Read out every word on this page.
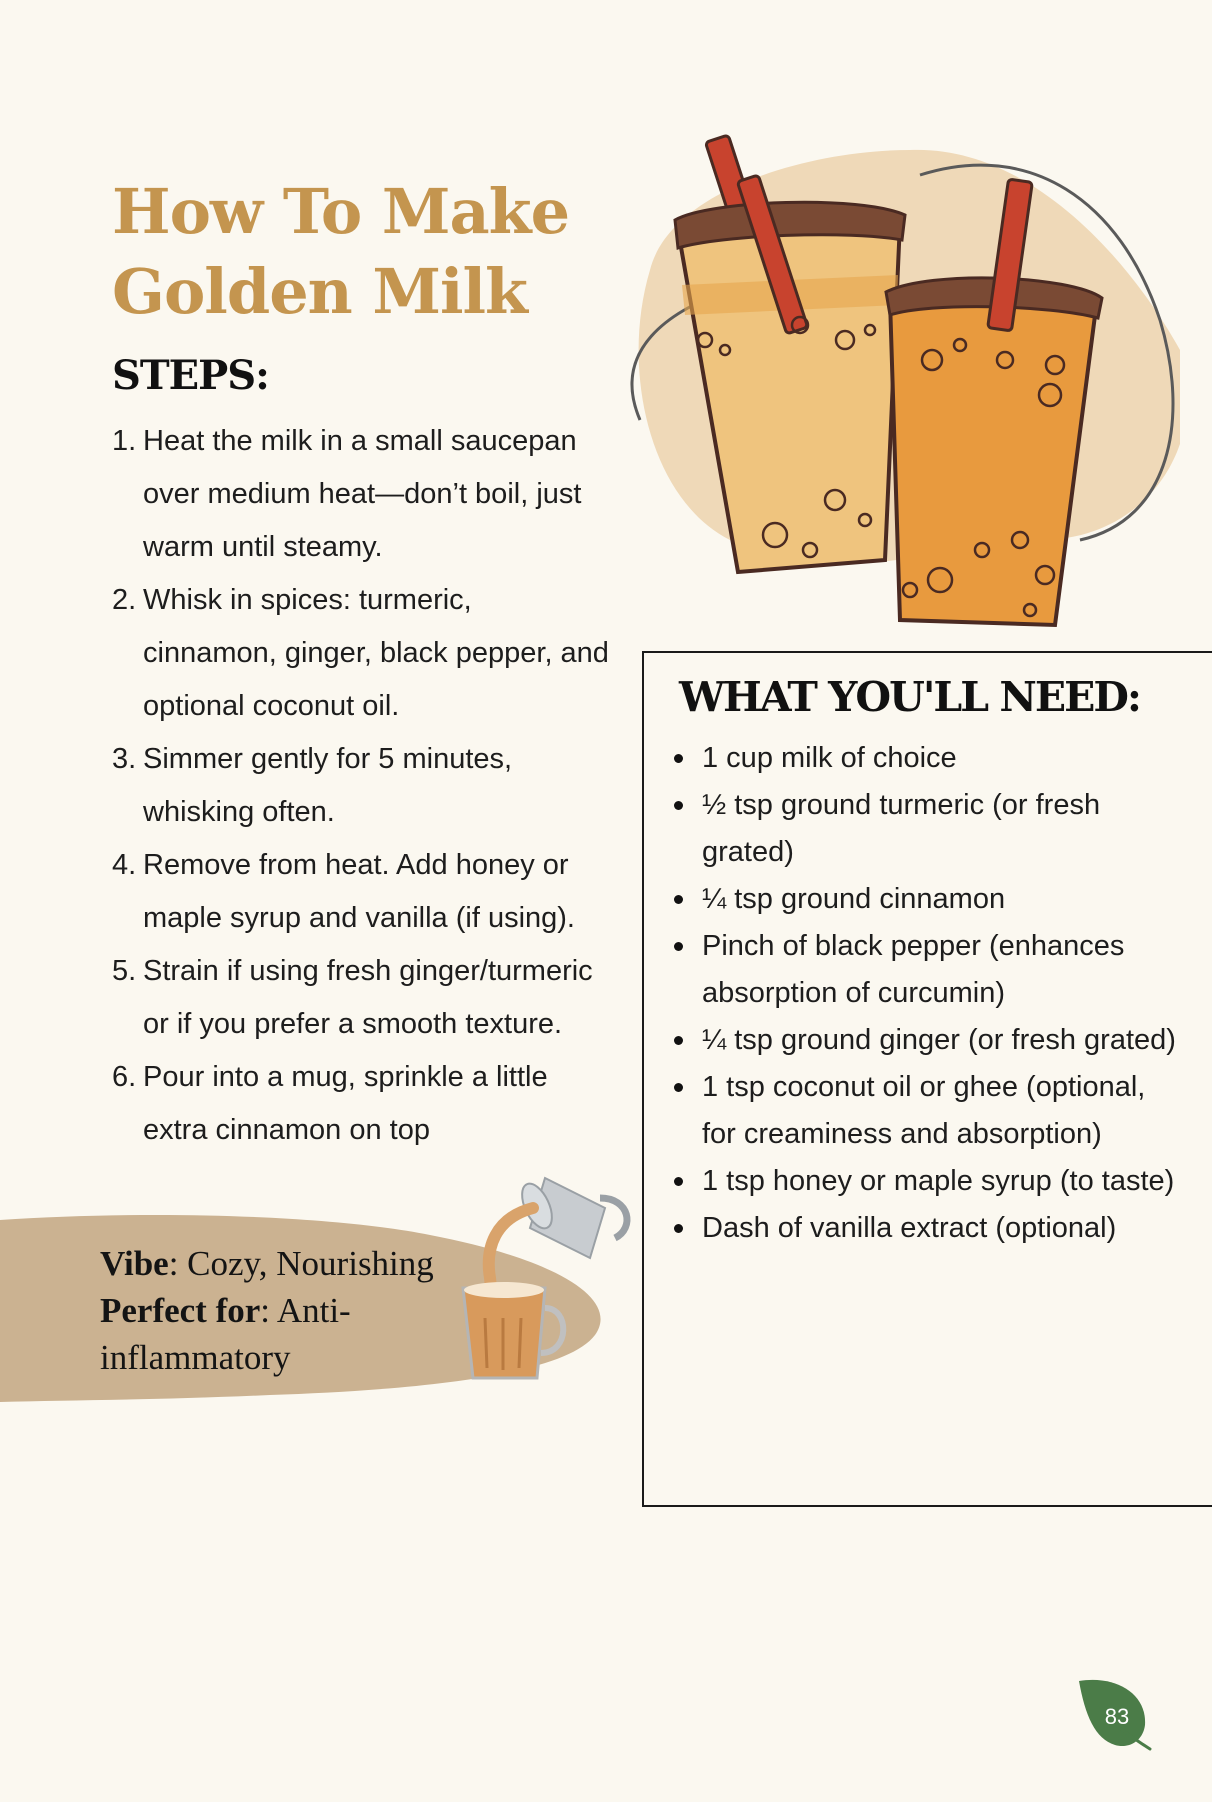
How To Make
Golden Milk
STEPS:
1. Heat the milk in a small saucepan over medium heat—don’t boil, just warm until steamy.
2. Whisk in spices: turmeric, cinnamon, ginger, black pepper, and optional coconut oil.
3. Simmer gently for 5 minutes, whisking often.
4. Remove from heat. Add honey or maple syrup and vanilla (if using).
5. Strain if using fresh ginger/turmeric or if you prefer a smooth texture.
6. Pour into a mug, sprinkle a little extra cinnamon on top
Vibe: Cozy, Nourishing
Perfect for: Anti-inflammatory
WHAT YOU'LL NEED:
1 cup milk of choice
½ tsp ground turmeric (or fresh grated)
¼ tsp ground cinnamon
Pinch of black pepper (enhances absorption of curcumin)
¼ tsp ground ginger (or fresh grated)
1 tsp coconut oil or ghee (optional, for creaminess and absorption)
1 tsp honey or maple syrup (to taste)
Dash of vanilla extract (optional)
83
